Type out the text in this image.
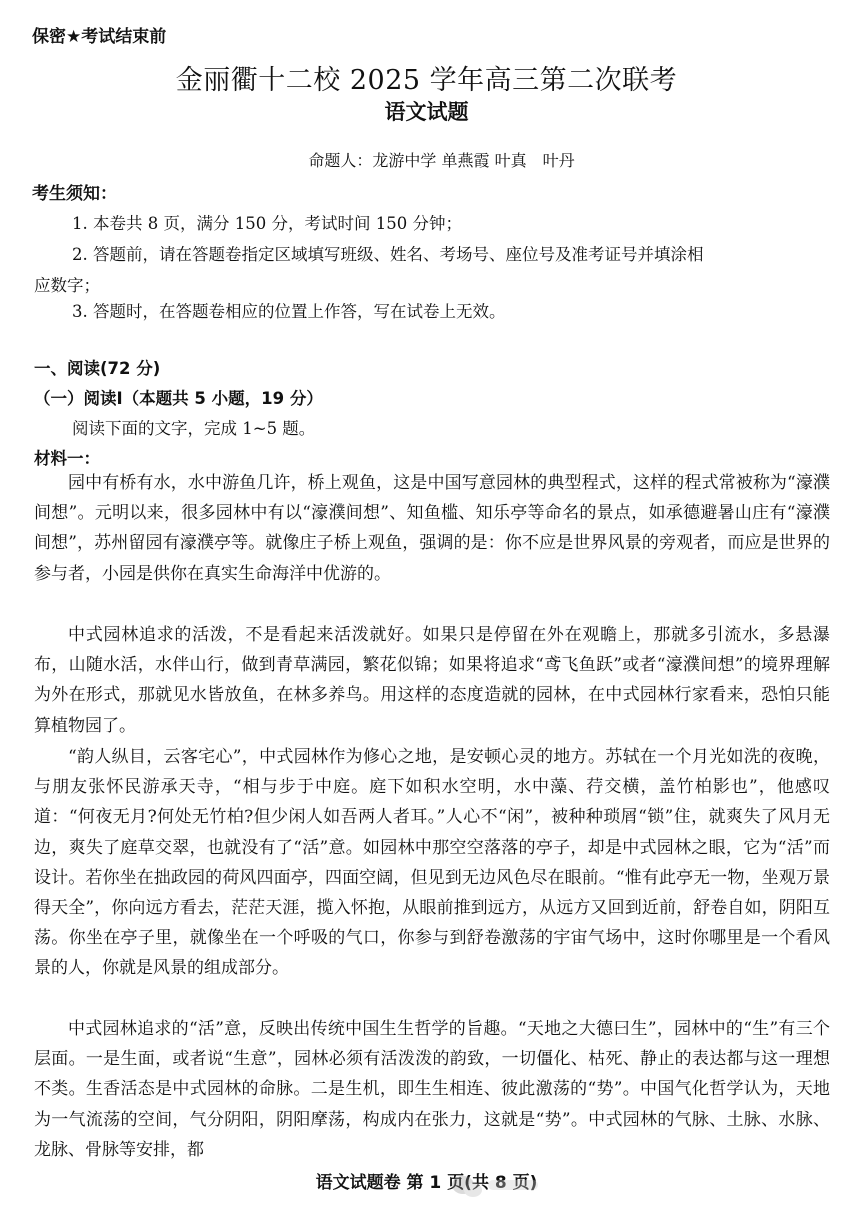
保密★考试结束前
金丽衢十二校 2025 学年高三第二次联考
语文试题
命题人：龙游中学 单燕霞 叶真　叶丹
考生须知：
1. 本卷共 8 页，满分 150 分，考试时间 150 分钟；
2. 答题前，请在答题卷指定区域填写班级、姓名、考场号、座位号及准考证号并填涂相
应数字；
3. 答题时，在答题卷相应的位置上作答，写在试卷上无效。
一、阅读(72 分)
（一）阅读Ⅰ（本题共 5 小题，19 分）
阅读下面的文字，完成 1~5 题。
材料一：

园中有桥有水，水中游鱼几许，桥上观鱼，这是中国写意园林的典型程式，这样的程式常被称为“濠濮间想”。元明以来，很多园林中有以“濠濮间想”、知鱼槛、知乐亭等命名的景点，如承德避暑山庄有“濠濮间想”，苏州留园有濠濮亭等。就像庄子桥上观鱼，强调的是：你不应是世界风景的旁观者，而应是世界的参与者，小园是供你在真实生命海洋中优游的。

中式园林追求的活泼，不是看起来活泼就好。如果只是停留在外在观瞻上，那就多引流水，多悬瀑布，山随水活，水伴山行，做到青草满园，繁花似锦；如果将追求“鸢飞鱼跃”或者“濠濮间想”的境界理解为外在形式，那就见水皆放鱼，在林多养鸟。用这样的态度造就的园林，在中式园林行家看来，恐怕只能算植物园了。

“韵人纵目，云客宅心”，中式园林作为修心之地，是安顿心灵的地方。苏轼在一个月光如洗的夜晚，与朋友张怀民游承天寺，“相与步于中庭。庭下如积水空明，水中藻、荇交横，盖竹柏影也”，他感叹道：“何夜无月?何处无竹柏?但少闲人如吾两人者耳。”人心不“闲”，被种种琐屑“锁”住，就爽失了风月无边，爽失了庭草交翠，也就没有了“活”意。如园林中那空空落落的亭子，却是中式园林之眼，它为“活”而设计。若你坐在拙政园的荷风四面亭，四面空阔，但见到无边风色尽在眼前。“惟有此亭无一物，坐观万景得天全”，你向远方看去，茫茫天涯，揽入怀抱，从眼前推到远方，从远方又回到近前，舒卷自如，阴阳互荡。你坐在亭子里，就像坐在一个呼吸的气口，你参与到舒卷激荡的宇宙气场中，这时你哪里是一个看风景的人，你就是风景的组成部分。

中式园林追求的“活”意，反映出传统中国生生哲学的旨趣。“天地之大德曰生”，园林中的“生”有三个层面。一是生面，或者说“生意”，园林必须有活泼泼的韵致，一切僵化、枯死、静止的表达都与这一理想不类。生香活态是中式园林的命脉。二是生机，即生生相连、彼此激荡的“势”。中国气化哲学认为，天地为一气流荡的空间，气分阴阳，阴阳摩荡，构成内在张力，这就是“势”。中式园林的气脉、土脉、水脉、龙脉、骨脉等安排，都

语文试题卷 第 1 页(共 8 页)
